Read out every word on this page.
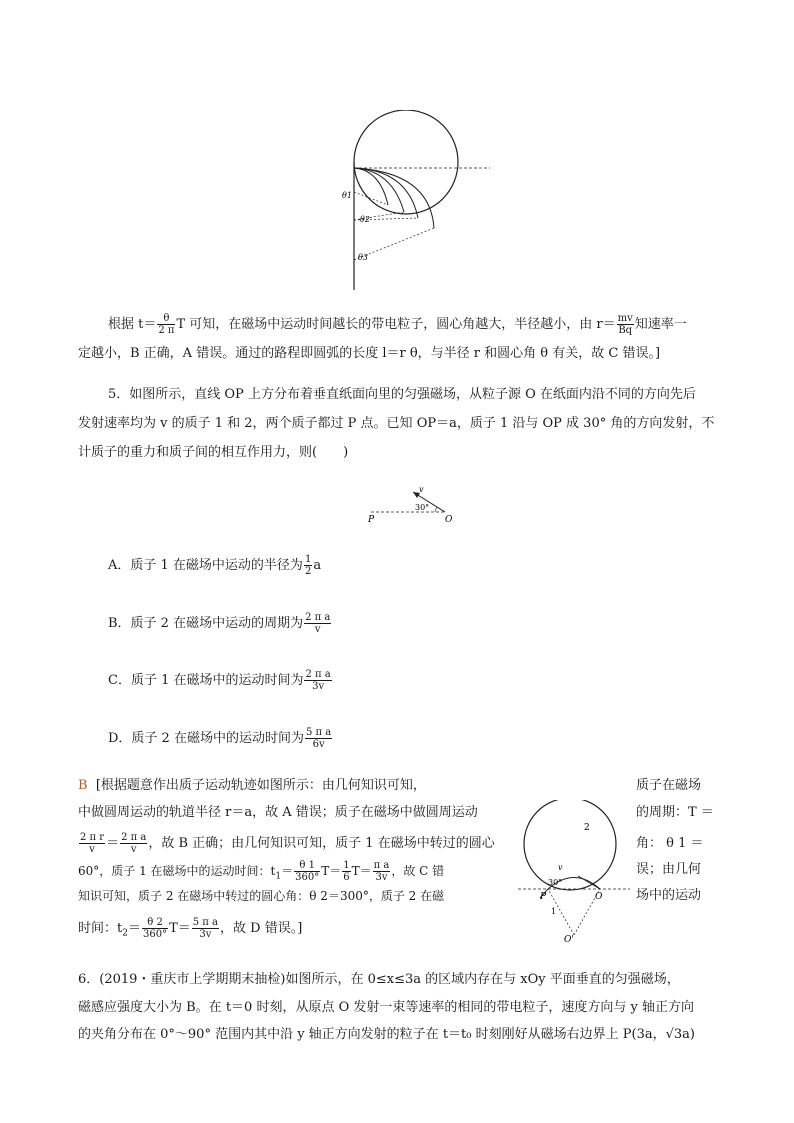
θ1
θ2
θ3
根据 $t= \frac{\theta}{2 \pi}$ T 可知，在磁场中运动时间越长的带电粒子，圆心角越大，半径越小，由 $r= \frac{mv}{Bq}$ 知速率一
定越小，B 正确，A 错误。通过的路程即圆弧的长度 l＝r θ，与半径 r 和圆心角 θ 有关，故 C 错误。]
5．如图所示，直线 OP 上方分布着垂直纸面向里的匀强磁场，从粒子源 O 在纸面内沿不同的方向先后
发射速率均为 v 的质子 1 和 2，两个质子都过 P 点。已知 OP＝a，质子 1 沿与 OP 成 30° 角的方向发射，不
计质子的重力和质子间的相互作用力，则(　　)
P	O
v
30°
A．质子 1 在磁场中运动的半径为 $\frac{1}{2}$ a
B．质子 2 在磁场中运动的周期为 $\frac{\text{2 π a}}{v}$
C．质子 1 在磁场中的运动时间为 $\frac{\text{2 π a}}{3v}$
D．质子 2 在磁场中的运动时间为 $\frac{\text{5 π a}}{6v}$
B [根据题意作出质子运动轨迹如图所示：由几何知识可知，
中做圆周运动的轨道半径 r＝a，故 A 错误；质子在磁场中做圆周运动
$\frac{\text{2 π r}}{v} = \frac{\text{2 π a}}{v}$ ，故 B 正确；由几何知识可知，质子 1 在磁场中转过的圆心
60°，质子 1 在磁场中的运动时间：$t_1= \frac{\theta 1}{360^\circ} T= \frac{1}{6} T= \frac{\text{π a}}{3v}$ ，故 C 错
知识可知，质子 2 在磁场中转过的圆心角：θ 2＝300°，质子 2 在磁
时间：$t_2= \frac{\theta 2}{360^\circ} T= \frac{\text{5 π a}}{3v}$ ，故 D 错误。]
质子在磁场
的周期：T ＝
角： θ 1 ＝
误；由几何
场中的运动
2
1
v
30°
P	O
O'
6．(2019・重庆市上学期期末抽检)如图所示，在 0≤x≤3a 的区域内存在与 xOy 平面垂直的匀强磁场，
磁感应强度大小为 B。在 t＝0 时刻，从原点 O 发射一束等速率的相同的带电粒子，速度方向与 y 轴正方向
的夹角分布在 0°～90° 范围内其中沿 y 轴正方向发射的粒子在 t＝t₀ 时刻刚好从磁场右边界上 P(3a，√3a)
